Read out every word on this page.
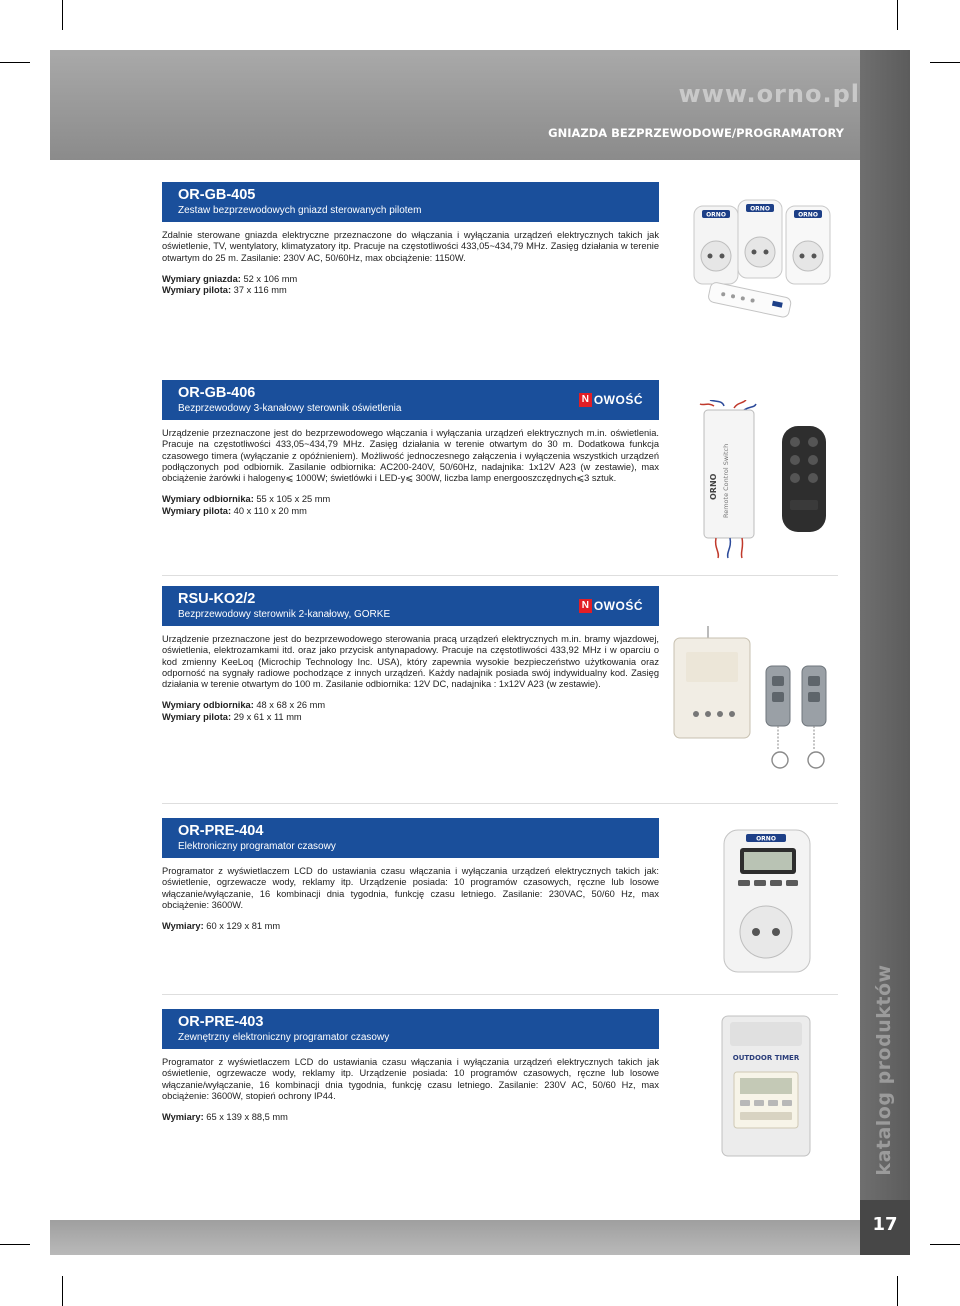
www.orno.pl
GNIAZDA BEZPRZEWODOWE/PROGRAMATORY
katalog produktów
17
OR-GB-405
Zestaw bezprzewodowych gniazd sterowanych pilotem

Zdalnie sterowane gniazda elektryczne przeznaczone do włączania i wyłączania urządzeń elektrycznych takich jak oświetlenie, TV, wentylatory, klimatyzatory itp. Pracuje na częstotliwości 433,05~434,79 MHz. Zasięg działania w terenie otwartym do 25 m. Zasilanie: 230V AC, 50/60Hz, max obciążenie: 1150W.

Wymiary gniazda: 52 x 106 mm
Wymiary pilota: 37 x 116 mm
ORNO
ORNO
ORNO
OR-GB-406
Bezprzewodowy 3-kanałowy sterownik oświetlenia
N OWOŚĆ

Urządzenie przeznaczone jest do bezprzewodowego włączania i wyłączania urządzeń elektrycznych m.in. oświetlenia. Pracuje na częstotliwości 433,05~434,79 MHz. Zasięg działania w terenie otwartym do 30 m. Dodatkowa funkcja czasowego timera (wyłączanie z opóźnieniem). Możliwość jednoczesnego załączenia i wyłączenia wszystkich urządzeń podłączonych pod odbiornik. Zasilanie odbiornika: AC200-240V, 50/60Hz, nadajnika: 1x12V A23 (w zestawie), max obciążenie żarówki i halogeny⩽ 1000W; świetlówki i LED-y⩽ 300W, liczba lamp energooszczędnych⩽3 sztuk.

Wymiary odbiornika: 55 x 105 x 25 mm
Wymiary pilota: 40 x 110 x 20 mm
ORNO Remote Control Switch
RSU-KO2/2
Bezprzewodowy sterownik 2-kanałowy, GORKE
N OWOŚĆ

Urządzenie przeznaczone jest do bezprzewodowego sterowania pracą urządzeń elektrycznych m.in. bramy wjazdowej, oświetlenia, elektrozamkami itd. oraz jako przycisk antynapadowy. Pracuje na częstotliwości 433,92 MHz i w oparciu o kod zmienny KeeLoq (Microchip Technology Inc. USA), który zapewnia wysokie bezpieczeństwo użytkowania oraz odporność na sygnały radiowe pochodzące z innych urządzeń. Każdy nadajnik posiada swój indywidualny kod. Zasięg działania w terenie otwartym do 100 m. Zasilanie odbiornika: 12V DC, nadajnika : 1x12V A23 (w zestawie).

Wymiary odbiornika: 48 x 68 x 26 mm
Wymiary pilota: 29 x 61 x 11 mm
OR-PRE-404
Elektroniczny programator czasowy

Programator z wyświetlaczem LCD do ustawiania czasu włączania i wyłączania urządzeń elektrycznych takich jak: oświetlenie, ogrzewacze wody, reklamy itp. Urządzenie posiada: 10 programów czasowych, ręczne lub losowe włączanie/wyłączanie, 16 kombinacji dnia tygodnia, funkcję czasu letniego. Zasilanie: 230VAC, 50/60 Hz, max obciążenie: 3600W.

Wymiary: 60 x 129 x 81 mm
ORNO
OR-PRE-403
Zewnętrzny elektroniczny programator czasowy

Programator z wyświetlaczem LCD do ustawiania czasu włączania i wyłączania urządzeń elektrycznych takich jak oświetlenie, ogrzewacze wody, reklamy itp. Urządzenie posiada: 10 programów czasowych, ręczne lub losowe włączanie/wyłączanie, 16 kombinacji dnia tygodnia, funkcję czasu letniego. Zasilanie: 230V AC, 50/60 Hz, max obciążenie: 3600W, stopień ochrony IP44.

Wymiary: 65 x 139 x 88,5 mm
OUTDOOR TIMER
